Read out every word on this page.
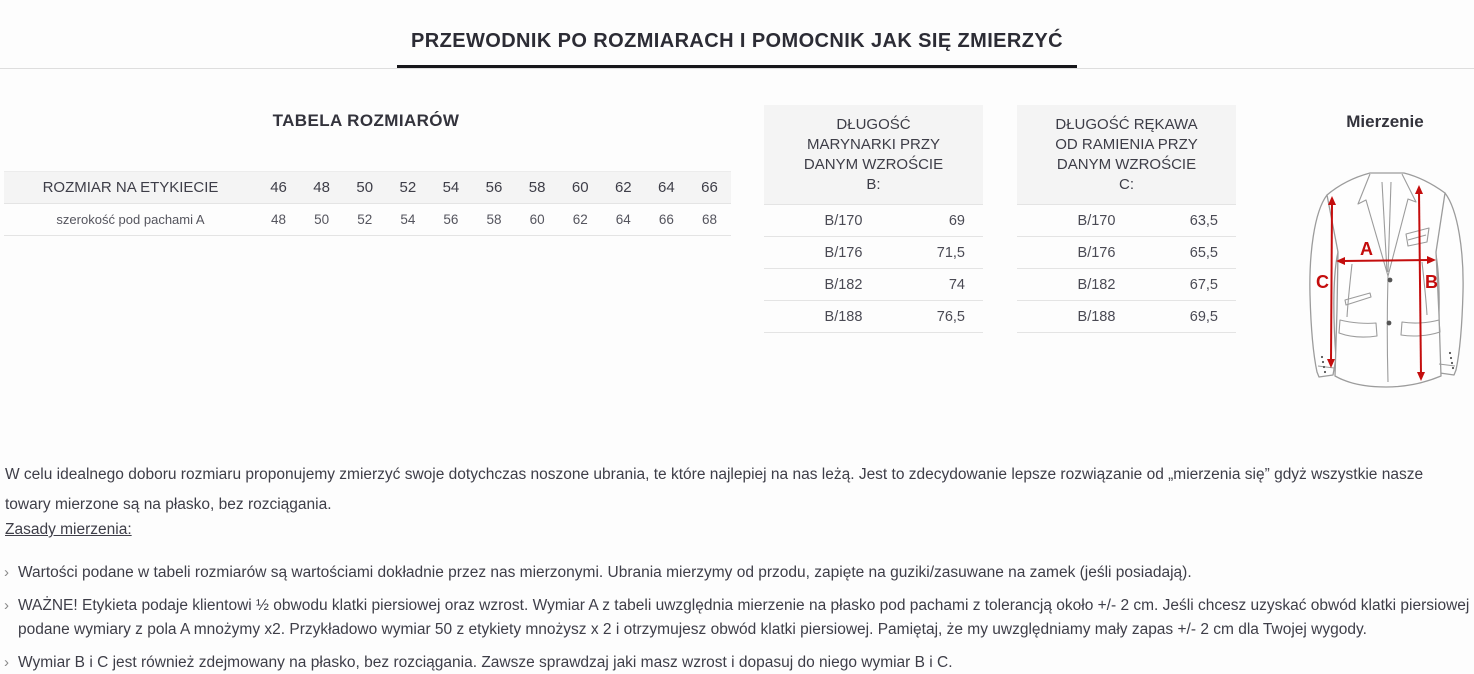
PRZEWODNIK PO ROZMIARACH I POMOCNIK JAK SIĘ ZMIERZYĆ
TABELA ROZMIARÓW
ROZMIAR NA ETYKIECIE	46	48	50	52	54	56	58	60	62	64	66
szerokość pod pachami A	48	50	52	54	56	58	60	62	64	66	68
DŁUGOŚĆ MARYNARKI PRZY DANYM WZROŚCIE B:
B/170	69
B/176	71,5
B/182	74
B/188	76,5
DŁUGOŚĆ RĘKAWA OD RAMIENIA PRZY DANYM WZROŚCIE C:
B/170	63,5
B/176	65,5
B/182	67,5
B/188	69,5
Mierzenie
A
B
C

W celu idealnego doboru rozmiaru proponujemy zmierzyć swoje dotychczas noszone ubrania, te które najlepiej na nas leżą. Jest to zdecydowanie lepsze rozwiązanie od „mierzenia się” gdyż wszystkie nasze towary mierzone są na płasko, bez rozciągania.

Zasady mierzenia:
› Wartości podane w tabeli rozmiarów są wartościami dokładnie przez nas mierzonymi. Ubrania mierzymy od przodu, zapięte na guziki/zasuwane na zamek (jeśli posiadają).
› WAŻNE! Etykieta podaje klientowi ½ obwodu klatki piersiowej oraz wzrost. Wymiar A z tabeli uwzględnia mierzenie na płasko pod pachami z tolerancją około +/- 2 cm. Jeśli chcesz uzyskać obwód klatki piersiowej podane wymiary z pola A mnożymy x2. Przykładowo wymiar 50 z etykiety mnożysz x 2 i otrzymujesz obwód klatki piersiowej. Pamiętaj, że my uwzględniamy mały zapas +/- 2 cm dla Twojej wygody.
› Wymiar B i C jest również zdejmowany na płasko, bez rozciągania. Zawsze sprawdzaj jaki masz wzrost i dopasuj do niego wymiar B i C.
